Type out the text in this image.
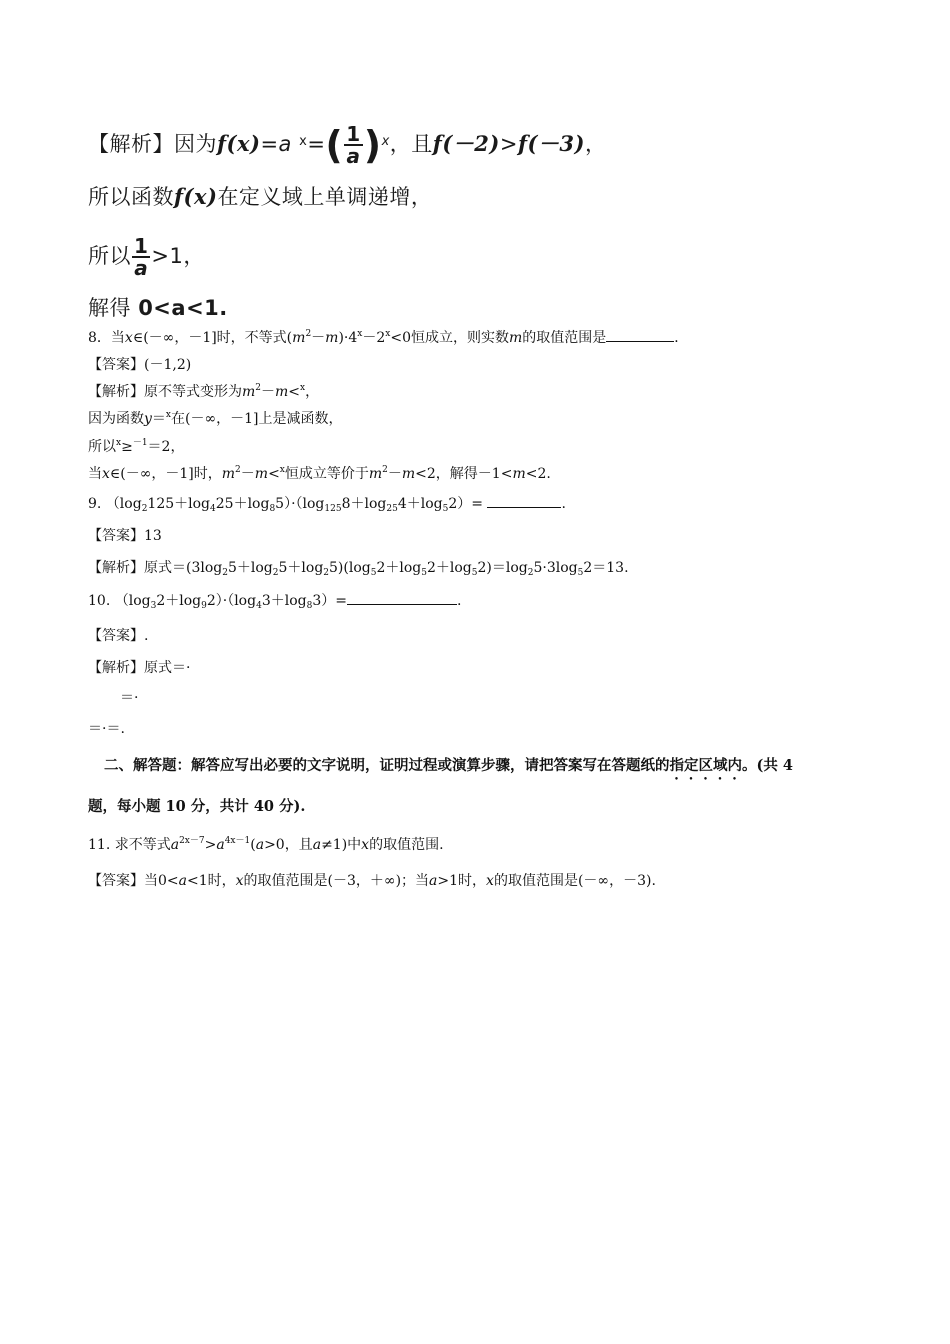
【解析】因为f(x)=a $^x=( \frac{1}{a} )^x$，且f(－2)>f(－3)，
所以函数f(x)在定义域上单调递增，
所以 $\frac{1}{a} >1$，
解得 0<a<1.
8．当x∈(－∞，－1]时，不等式$(m^2-m)\cdot 4^x-2^x<0$恒成立，则实数m的取值范围是	．
【答案】(－1,2)
【解析】原不等式变形为$m^2-m<^x$，
因为函数y＝$^x$在(－∞，－1]上是减函数，
所以$^x$≥$^{-1}$＝2，
当x∈(－∞，－1]时，$m^2-m<^x$恒成立等价于$m^2-m<2$，解得－1<m<2.
9. $(\log_2125+\log_425+\log_85)\cdot(\log_{125}8+\log_{25}4+\log_52)=$	.
【答案】13
【解析】原式$=(3\log_25+\log_25+\log_25)(\log_52+\log_52+\log_52)=\log_25\cdot 3\log_52=13$.
10. $(\log_32+\log_92)\cdot(\log_43+\log_83)=$	.
【答案】.
【解析】原式＝·
＝·
＝·＝.
二、解答题：解答应写出必要的文字说明，证明过程或演算步骤，请把答案写在答题纸的指定区域内。(共 4
题，每小题 10 分，共计 40 分).
11. 求不等式$a^{2x-7}>a^{4x-1}(a>0$，且a≠1)中x的取值范围.
【答案】当0<a<1时，x的取值范围是(－3，＋∞)；当a>1时，x的取值范围是(－∞，－3).
